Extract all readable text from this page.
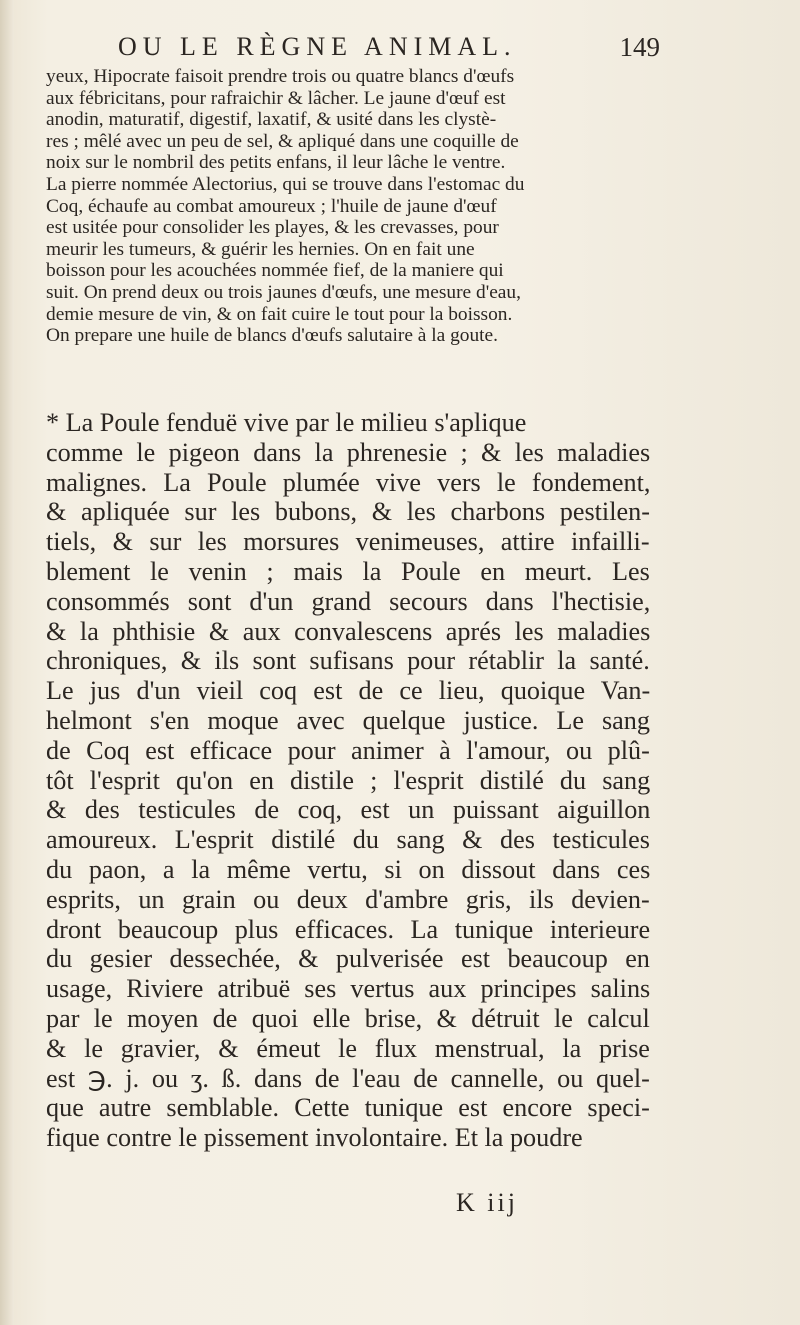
OU LE RÈGNE ANIMAL.	149
yeux, Hipocrate faisoit prendre trois ou quatre blancs d'œufs
aux fébricitans, pour rafraichir & lâcher. Le jaune d'œuf est
anodin, maturatif, digestif, laxatif, & usité dans les clystè-
res ; mêlé avec un peu de sel, & apliqué dans une coquille de
noix sur le nombril des petits enfans, il leur lâche le ventre.
La pierre nommée Alectorius, qui se trouve dans l'estomac du
Coq, échaufe au combat amoureux ; l'huile de jaune d'œuf
est usitée pour consolider les playes, & les crevasses, pour
meurir les tumeurs, & guérir les hernies. On en fait une
boisson pour les acouchées nommée fief, de la maniere qui
suit. On prend deux ou trois jaunes d'œufs, une mesure d'eau,
demie mesure de vin, & on fait cuire le tout pour la boisson.
On prepare une huile de blancs d'œufs salutaire à la goute.
* La Poule fenduë vive par le milieu s'aplique
comme le pigeon dans la phrenesie ; & les maladies
malignes. La Poule plumée vive vers le fondement,
& apliquée sur les bubons, & les charbons pestilen-
tiels, & sur les morsures venimeuses, attire infailli-
blement le venin ; mais la Poule en meurt. Les
consommés sont d'un grand secours dans l'hectisie,
& la phthisie & aux convalescens aprés les maladies
chroniques, & ils sont sufisans pour rétablir la santé.
Le jus d'un vieil coq est de ce lieu, quoique Van-
helmont s'en moque avec quelque justice. Le sang
de Coq est efficace pour animer à l'amour, ou plû-
tôt l'esprit qu'on en distile ; l'esprit distilé du sang
& des testicules de coq, est un puissant aiguillon
amoureux. L'esprit distilé du sang & des testicules
du paon, a la même vertu, si on dissout dans ces
esprits, un grain ou deux d'ambre gris, ils devien-
dront beaucoup plus efficaces. La tunique interieure
du gesier dessechée, & pulverisée est beaucoup en
usage, Riviere atribuë ses vertus aux principes salins
par le moyen de quoi elle brise, & détruit le calcul
& le gravier, & émeut le flux menstrual, la prise
est ℈. j. ou ʒ. ß. dans de l'eau de cannelle, ou quel-
que autre semblable. Cette tunique est encore speci-
fique contre le pissement involontaire. Et la poudre
K iij
